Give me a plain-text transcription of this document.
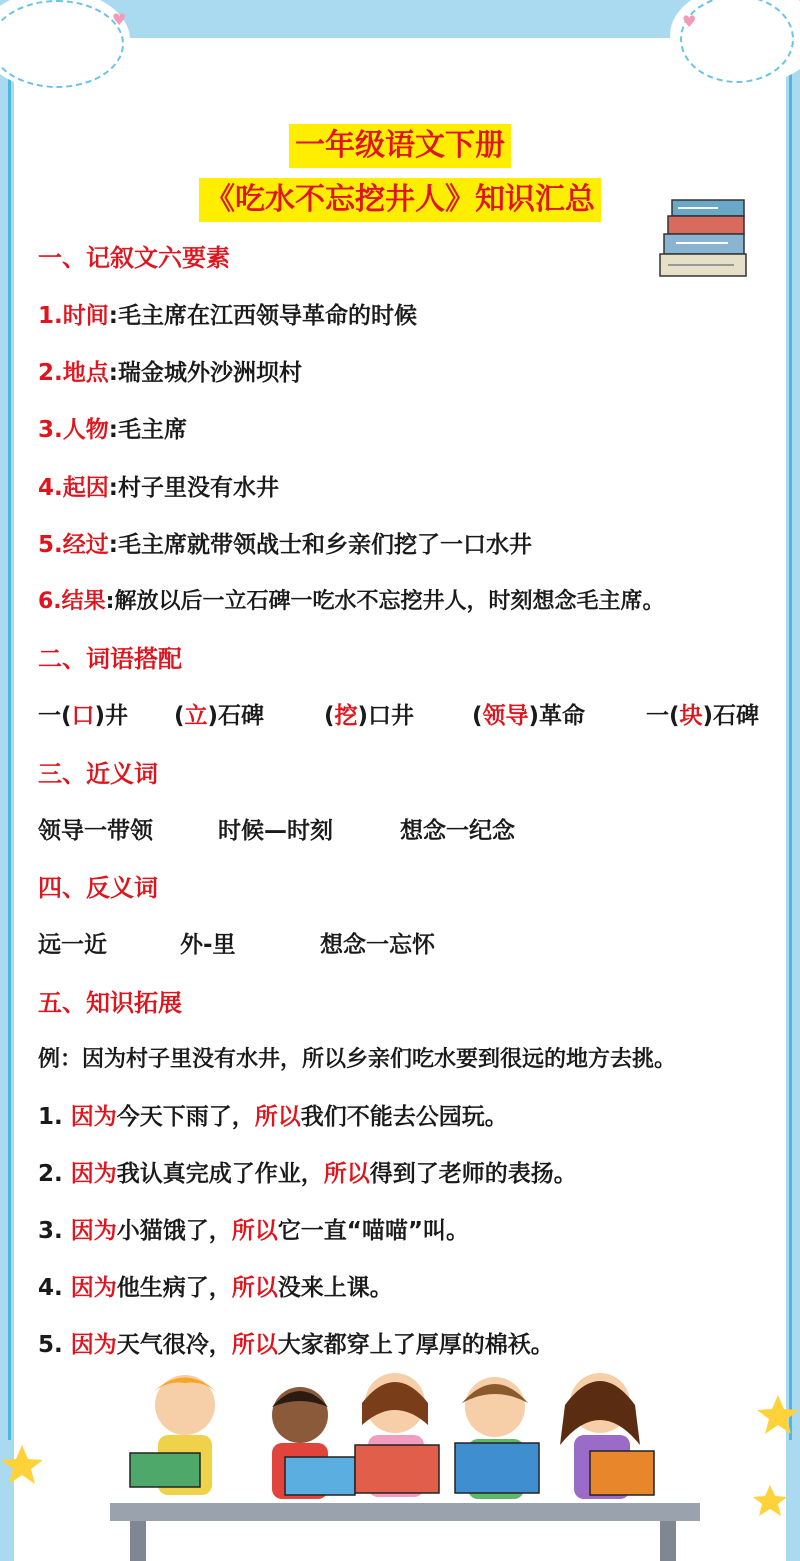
♥	♥
一年级语文下册
《吃水不忘挖井人》知识汇总
一、记叙文六要素
1.时间:毛主席在江西领导革命的时候
2.地点:瑞金城外沙洲坝村
3.人物:毛主席
4.起因:村子里没有水井
5.经过:毛主席就带领战士和乡亲们挖了一口水井
6.结果:解放以后一立石碑一吃水不忘挖井人，时刻想念毛主席。
二、词语搭配
一(口)井 (立)石碑	(挖)口井	(领导)革命	一(块)石碑
三、近义词
领导一带领	时候—时刻	想念一纪念
四、反义词
远一近	外-里	想念一忘怀
五、知识拓展
例：因为村子里没有水井，所以乡亲们吃水要到很远的地方去挑。
1. 因为今天下雨了，所以我们不能去公园玩。
2. 因为我认真完成了作业，所以得到了老师的表扬。
3. 因为小猫饿了，所以它一直“喵喵”叫。
4. 因为他生病了，所以没来上课。
5. 因为天气很冷，所以大家都穿上了厚厚的棉袄。
